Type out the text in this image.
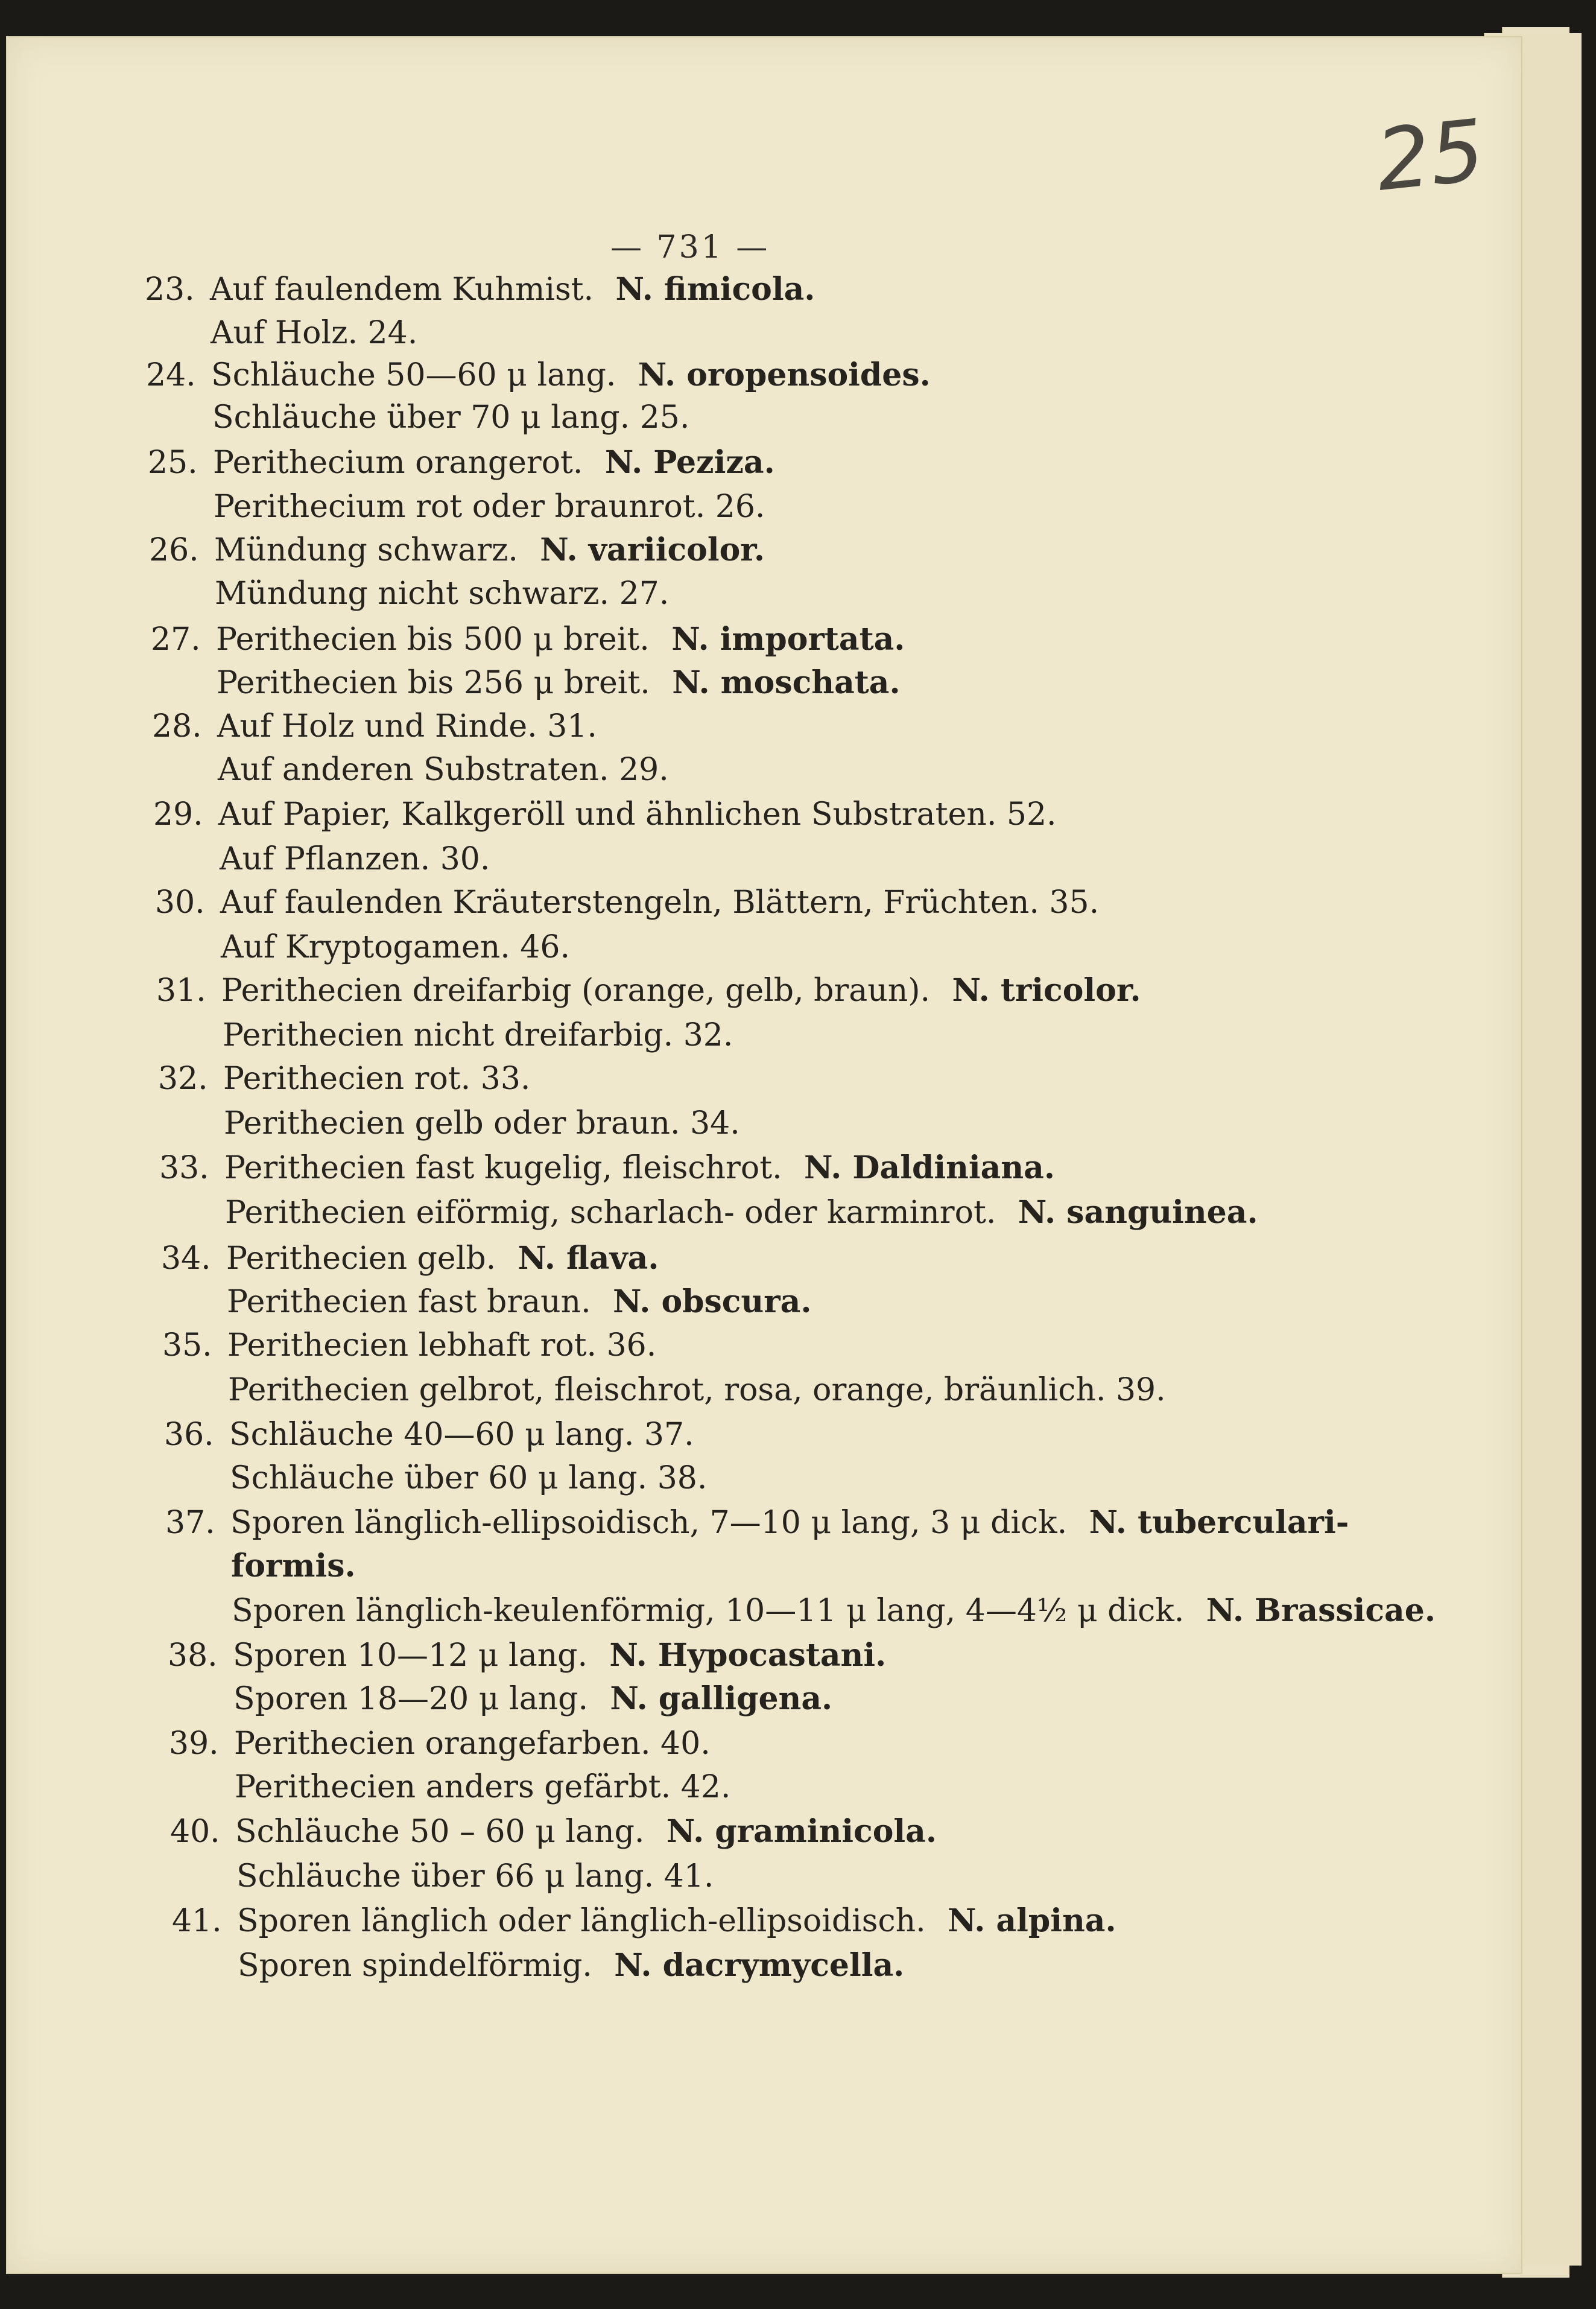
— 731 —
25
23. Auf faulendem Kuhmist. N. fimicola.
Auf Holz. 24.
24. Schläuche 50—60 μ lang. N. oropensoides.
Schläuche über 70 μ lang. 25.
25. Perithecium orangerot. N. Peziza.
Perithecium rot oder braunrot. 26.
26. Mündung schwarz. N. variicolor.
Mündung nicht schwarz. 27.
27. Perithecien bis 500 μ breit. N. importata.
Perithecien bis 256 μ breit. N. moschata.
28. Auf Holz und Rinde. 31.
Auf anderen Substraten. 29.
29. Auf Papier, Kalkgeröll und ähnlichen Substraten. 52.
Auf Pflanzen. 30.
30. Auf faulenden Kräuterstengeln, Blättern, Früchten. 35.
Auf Kryptogamen. 46.
31. Perithecien dreifarbig (orange, gelb, braun). N. tricolor.
Perithecien nicht dreifarbig. 32.
32. Perithecien rot. 33.
Perithecien gelb oder braun. 34.
33. Perithecien fast kugelig, fleischrot. N. Daldiniana.
Perithecien eiförmig, scharlach- oder karminrot. N. sanguinea.
34. Perithecien gelb. N. flava.
Perithecien fast braun. N. obscura.
35. Perithecien lebhaft rot. 36.
Perithecien gelbrot, fleischrot, rosa, orange, bräunlich. 39.
36. Schläuche 40—60 μ lang. 37.
Schläuche über 60 μ lang. 38.
37. Sporen länglich-ellipsoidisch, 7—10 μ lang, 3 μ dick. N. tuberculari-
formis.
Sporen länglich-keulenförmig, 10—11 μ lang, 4—4½ μ dick. N. Brassicae.
38. Sporen 10—12 μ lang. N. Hypocastani.
Sporen 18—20 μ lang. N. galligena.
39. Perithecien orangefarben. 40.
Perithecien anders gefärbt. 42.
40. Schläuche 50 – 60 μ lang. N. graminicola.
Schläuche über 66 μ lang. 41.
41. Sporen länglich oder länglich-ellipsoidisch. N. alpina.
Sporen spindelförmig. N. dacrymycella.
